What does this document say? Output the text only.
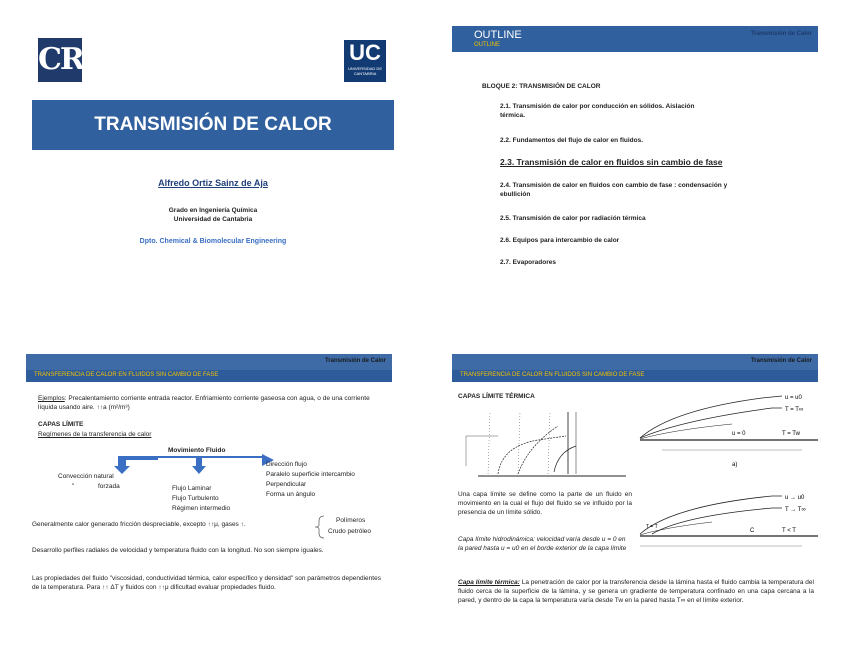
CR	UC
UNIVERSIDAD DE CANTABRIA
TRANSMISIÓN DE CALOR
Alfredo Ortiz Sainz de Aja
Grado en Ingeniería Química
Universidad de Cantabria
Dpto. Chemical & Biomolecular Engineering
OUTLINE
OUTLINE
Transmisión de Calor
BLOQUE 2: TRANSMISIÓN DE CALOR
2.1. Transmisión de calor por conducción en sólidos. Aislación térmica.
2.2. Fundamentos del flujo de calor en fluidos.
2.3. Transmisión de calor en fluidos sin cambio de fase
2.4. Transmisión de calor en fluidos con cambio de fase : condensación y ebullición
2.5. Transmisión de calor por radiación térmica
2.6. Equipos para intercambio de calor
2.7. Evaporadores
Transmisión de Calor
TRANSFERENCIA DE CALOR EN FLUIDOS SIN CAMBIO DE FASE
Ejemplos: Precalentamiento corriente entrada reactor. Enfriamiento corriente gaseosa con agua, o de una corriente líquida usando aire. ↑↑a (m²/m³)
CAPAS LÍMITE
Regímenes de la transferencia de calor
Movimiento Fluido
Convección natural
"	forzada	Flujo Laminar
Flujo Turbulento
Régimen intermedio
Dirección flujo
Paralelo superficie intercambio
Perpendicular
Forma un ángulo
Generalmente calor generado fricción despreciable, excepto ↑↑μ, gases ↑.
Polímeros
Crudo petróleo
Desarrollo perfiles radiales de velocidad y temperatura fluido con la longitud. No son siempre iguales.
Las propiedades del fluido "viscosidad, conductividad térmica, calor específico y densidad" son parámetros dependientes de la temperatura. Para ↑↑ ΔT y fluidos con ↑↑μ dificultad evaluar propiedades fluido.
Transmisión de Calor
TRANSFERENCIA DE CALOR EN FLUIDOS SIN CAMBIO DE FASE
CAPAS LÍMITE TÉRMICA	u = u0
T = T∞
u = 0	T = Tw
a)
u → u0
T → T∞
T = T
C	T < T
Una capa límite se define como la parte de un fluido en movimiento en la cual el flujo del fluido se ve influido por la presencia de un límite sólido.
Capa límite hidrodinámica: velocidad varía desde u = 0 en la pared hasta u = u0 en el borde exterior de la capa límite
Capa límite térmica: La penetración de calor por la transferencia desde la lámina hasta el fluido cambia la temperatura del fluido cerca de la superficie de la lámina, y se genera un gradiente de temperatura confinado en una capa cercana a la pared, y dentro de la capa la temperatura varía desde Tw en la pared hasta T∞ en el límite exterior.
